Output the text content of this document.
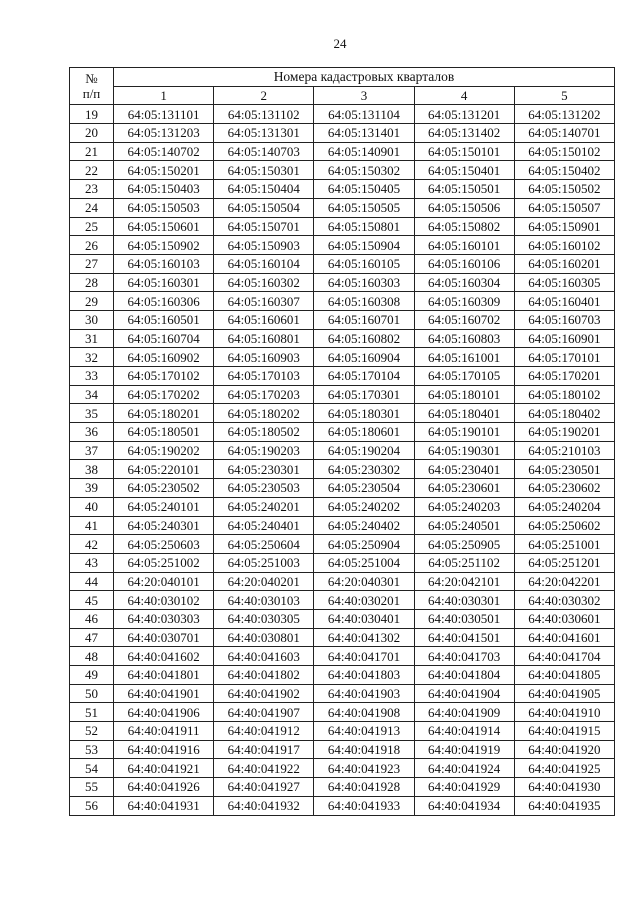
24
№
п/п	Номера кадастровых кварталов				
	1	2	3	4	5
19	64:05:131101	64:05:131102	64:05:131104	64:05:131201	64:05:131202
20	64:05:131203	64:05:131301	64:05:131401	64:05:131402	64:05:140701
21	64:05:140702	64:05:140703	64:05:140901	64:05:150101	64:05:150102
22	64:05:150201	64:05:150301	64:05:150302	64:05:150401	64:05:150402
23	64:05:150403	64:05:150404	64:05:150405	64:05:150501	64:05:150502
24	64:05:150503	64:05:150504	64:05:150505	64:05:150506	64:05:150507
25	64:05:150601	64:05:150701	64:05:150801	64:05:150802	64:05:150901
26	64:05:150902	64:05:150903	64:05:150904	64:05:160101	64:05:160102
27	64:05:160103	64:05:160104	64:05:160105	64:05:160106	64:05:160201
28	64:05:160301	64:05:160302	64:05:160303	64:05:160304	64:05:160305
29	64:05:160306	64:05:160307	64:05:160308	64:05:160309	64:05:160401
30	64:05:160501	64:05:160601	64:05:160701	64:05:160702	64:05:160703
31	64:05:160704	64:05:160801	64:05:160802	64:05:160803	64:05:160901
32	64:05:160902	64:05:160903	64:05:160904	64:05:161001	64:05:170101
33	64:05:170102	64:05:170103	64:05:170104	64:05:170105	64:05:170201
34	64:05:170202	64:05:170203	64:05:170301	64:05:180101	64:05:180102
35	64:05:180201	64:05:180202	64:05:180301	64:05:180401	64:05:180402
36	64:05:180501	64:05:180502	64:05:180601	64:05:190101	64:05:190201
37	64:05:190202	64:05:190203	64:05:190204	64:05:190301	64:05:210103
38	64:05:220101	64:05:230301	64:05:230302	64:05:230401	64:05:230501
39	64:05:230502	64:05:230503	64:05:230504	64:05:230601	64:05:230602
40	64:05:240101	64:05:240201	64:05:240202	64:05:240203	64:05:240204
41	64:05:240301	64:05:240401	64:05:240402	64:05:240501	64:05:250602
42	64:05:250603	64:05:250604	64:05:250904	64:05:250905	64:05:251001
43	64:05:251002	64:05:251003	64:05:251004	64:05:251102	64:05:251201
44	64:20:040101	64:20:040201	64:20:040301	64:20:042101	64:20:042201
45	64:40:030102	64:40:030103	64:40:030201	64:40:030301	64:40:030302
46	64:40:030303	64:40:030305	64:40:030401	64:40:030501	64:40:030601
47	64:40:030701	64:40:030801	64:40:041302	64:40:041501	64:40:041601
48	64:40:041602	64:40:041603	64:40:041701	64:40:041703	64:40:041704
49	64:40:041801	64:40:041802	64:40:041803	64:40:041804	64:40:041805
50	64:40:041901	64:40:041902	64:40:041903	64:40:041904	64:40:041905
51	64:40:041906	64:40:041907	64:40:041908	64:40:041909	64:40:041910
52	64:40:041911	64:40:041912	64:40:041913	64:40:041914	64:40:041915
53	64:40:041916	64:40:041917	64:40:041918	64:40:041919	64:40:041920
54	64:40:041921	64:40:041922	64:40:041923	64:40:041924	64:40:041925
55	64:40:041926	64:40:041927	64:40:041928	64:40:041929	64:40:041930
56	64:40:041931	64:40:041932	64:40:041933	64:40:041934	64:40:041935
